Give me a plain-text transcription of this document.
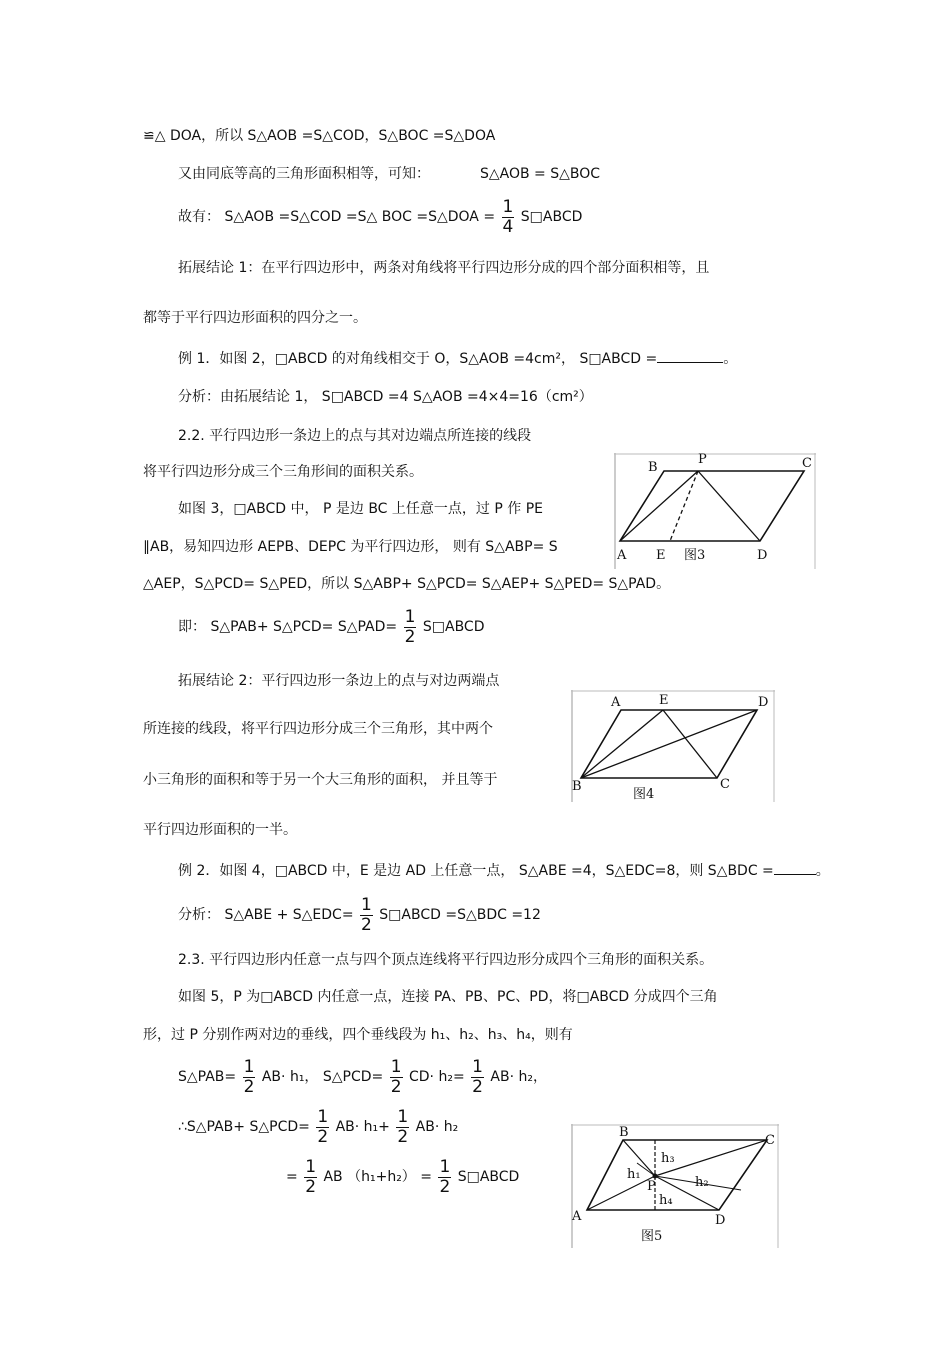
≌△ DOA，所以 S△AOB =S△COD，S△BOC =S△DOA
又由同底等高的三角形面积相等，可知：	S△AOB = S△BOC
故有： S△AOB =S△COD =S△ BOC =S△DOA = $\frac{1}{4}$ S□ABCD
拓展结论 1：在平行四边形中，两条对角线将平行四边形分成的四个部分面积相等，且
都等于平行四边形面积的四分之一。
例 1．如图 2，□ABCD 的对角线相交于 O，S△AOB =4cm²， S□ABCD =	。
分析：由拓展结论 1， S□ABCD =4 S△AOB =4×4=16（cm²）
2.2. 平行四边形一条边上的点与其对边端点所连接的线段
将平行四边形分成三个三角形间的面积关系。
如图 3，□ABCD 中， P 是边 BC 上任意一点，过 P 作 PE
∥AB，易知四边形 AEPB、DEPC 为平行四边形， 则有 S△ABP= S
△AEP，S△PCD= S△PED，所以 S△ABP+ S△PCD= S△AEP+ S△PED= S△PAD。
即： S△PAB+ S△PCD= S△PAD= $\frac{1}{2}$ S□ABCD
拓展结论 2：平行四边形一条边上的点与对边两端点
所连接的线段，将平行四边形分成三个三角形，其中两个
小三角形的面积和等于另一个大三角形的面积， 并且等于
平行四边形面积的一半。
例 2．如图 4，□ABCD 中，E 是边 AD 上任意一点， S△ABE =4，S△EDC=8，则 S△BDC =	。
分析： S△ABE + S△EDC= $\frac{1}{2}$ S□ABCD =S△BDC =12
2.3. 平行四边形内任意一点与四个顶点连线将平行四边形分成四个三角形的面积关系。
如图 5，P 为□ABCD 内任意一点，连接 PA、PB、PC、PD，将□ABCD 分成四个三角
形，过 P 分别作两对边的垂线，四个垂线段为 h₁、h₂、h₃、h₄，则有
S△PAB= $\frac{1}{2} AB\cdot h_1$， S△PCD= $\frac{1}{2} CD\cdot h_2= \frac{1}{2} AB\cdot h_2$，
∴S△PAB+ S△PCD= $\frac{1}{2} AB\cdot h_1+ \frac{1}{2} AB\cdot h_2$
= $\frac{1}{2}$ AB $(h_1+h_2) = \frac{1}{2}$ S□ABCD
B
P	C
A E	D
图3
A	E	D
B	C
图4
B
C
A	D
P
h₁
h₂
h₃
h₄
图5
